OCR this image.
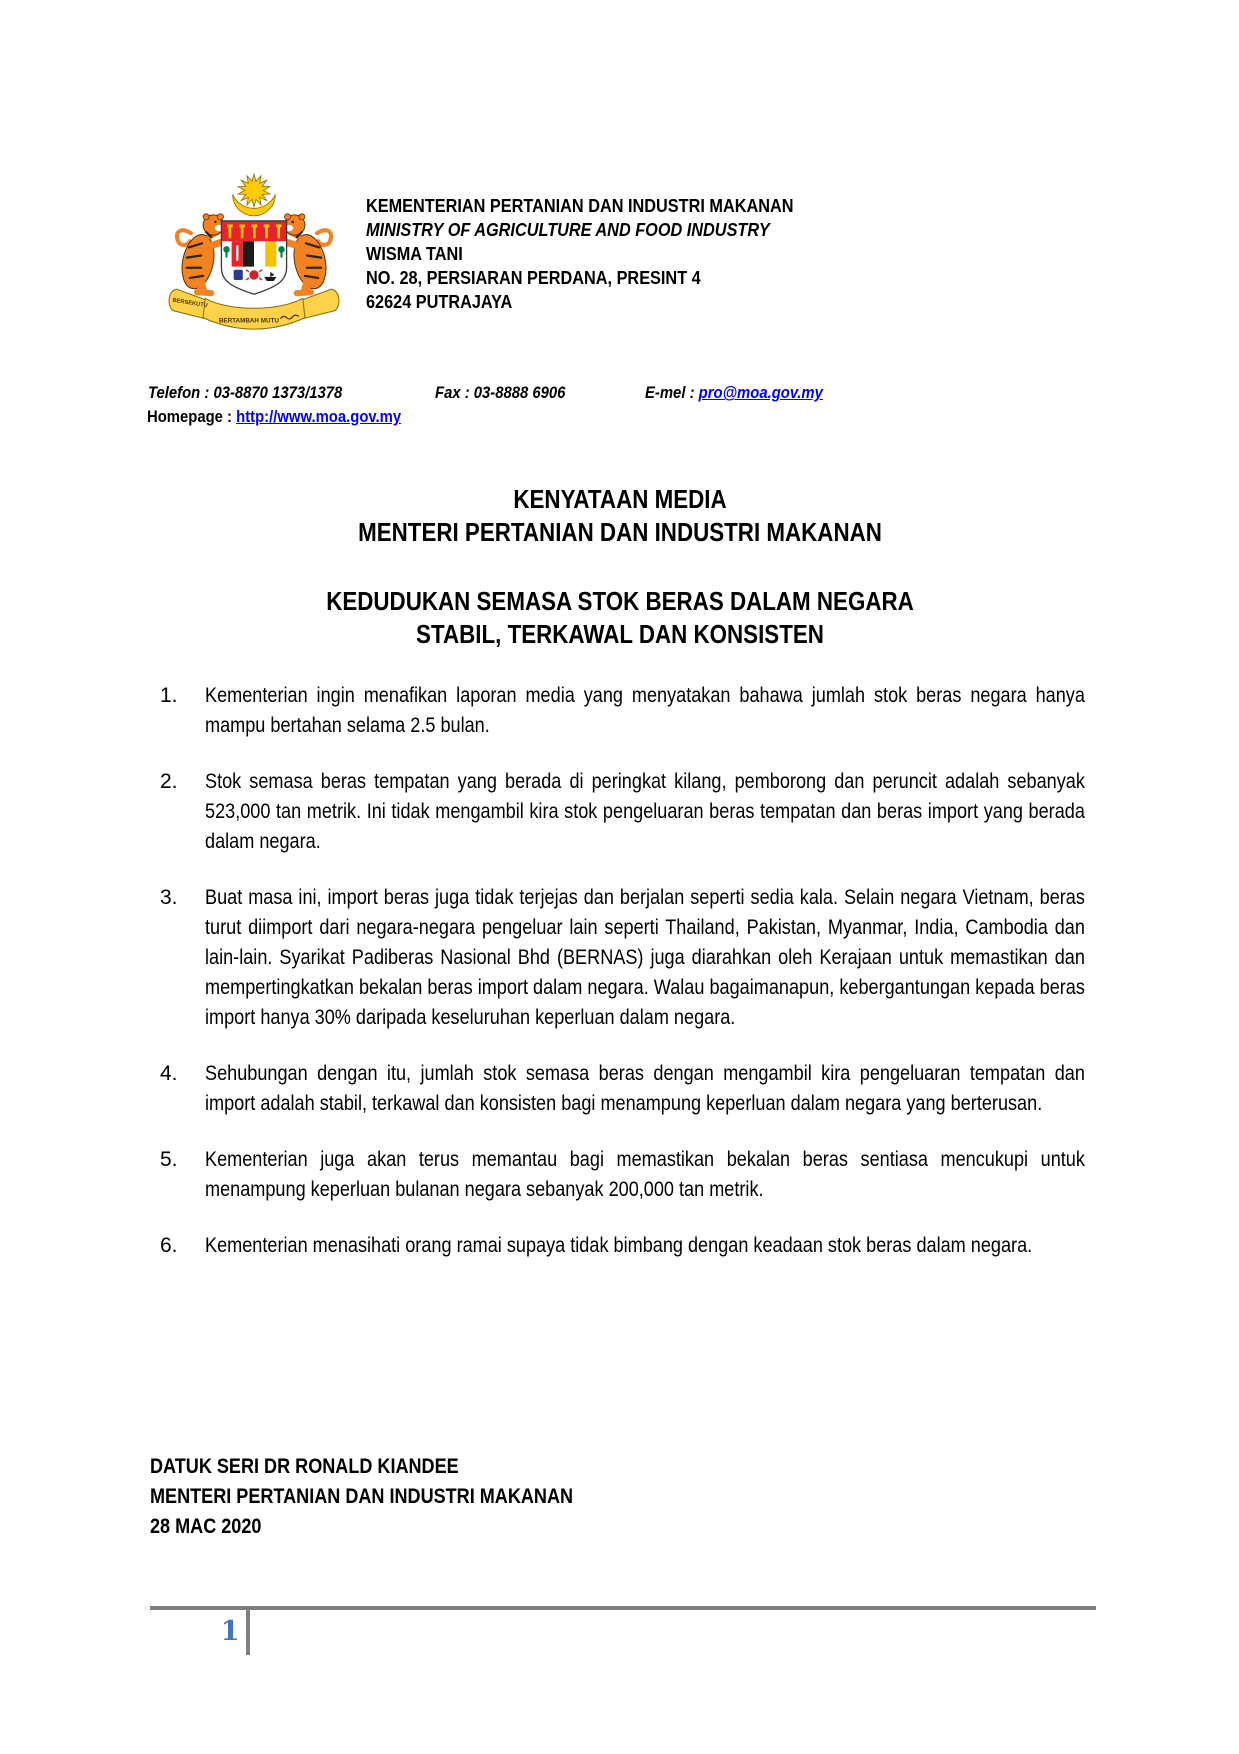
BERSEKUTU
BERTAMBAH MUTU
KEMENTERIAN PERTANIAN DAN INDUSTRI MAKANAN
MINISTRY OF AGRICULTURE AND FOOD INDUSTRY
WISMA TANI
NO. 28, PERSIARAN PERDANA, PRESINT 4
62624 PUTRAJAYA
Telefon : 03-8870 1373/1378	Fax : 03-8888 6906	E-mel : pro@moa.gov.my
Homepage : http://www.moa.gov.my
KENYATAAN MEDIA
MENTERI PERTANIAN DAN INDUSTRI MAKANAN
KEDUDUKAN SEMASA STOK BERAS DALAM NEGARA
STABIL, TERKAWAL DAN KONSISTEN
1. Kementerian ingin menafikan laporan media yang menyatakan bahawa jumlah stok beras negara hanya mampu bertahan selama 2.5 bulan.
2. Stok semasa beras tempatan yang berada di peringkat kilang, pemborong dan peruncit adalah sebanyak 523,000 tan metrik. Ini tidak mengambil kira stok pengeluaran beras tempatan dan beras import yang berada dalam negara.
3. Buat masa ini, import beras juga tidak terjejas dan berjalan seperti sedia kala. Selain negara Vietnam, beras turut diimport dari negara-negara pengeluar lain seperti Thailand, Pakistan, Myanmar, India, Cambodia dan lain-lain. Syarikat Padiberas Nasional Bhd (BERNAS) juga diarahkan oleh Kerajaan untuk memastikan dan mempertingkatkan bekalan beras import dalam negara. Walau bagaimanapun, kebergantungan kepada beras import hanya 30% daripada keseluruhan keperluan dalam negara.
4. Sehubungan dengan itu, jumlah stok semasa beras dengan mengambil kira pengeluaran tempatan dan import adalah stabil, terkawal dan konsisten bagi menampung keperluan dalam negara yang berterusan.
5. Kementerian juga akan terus memantau bagi memastikan bekalan beras sentiasa mencukupi untuk menampung keperluan bulanan negara sebanyak 200,000 tan metrik.
6. Kementerian menasihati orang ramai supaya tidak bimbang dengan keadaan stok beras dalam negara.
DATUK SERI DR RONALD KIANDEE
MENTERI PERTANIAN DAN INDUSTRI MAKANAN
28 MAC 2020
1
